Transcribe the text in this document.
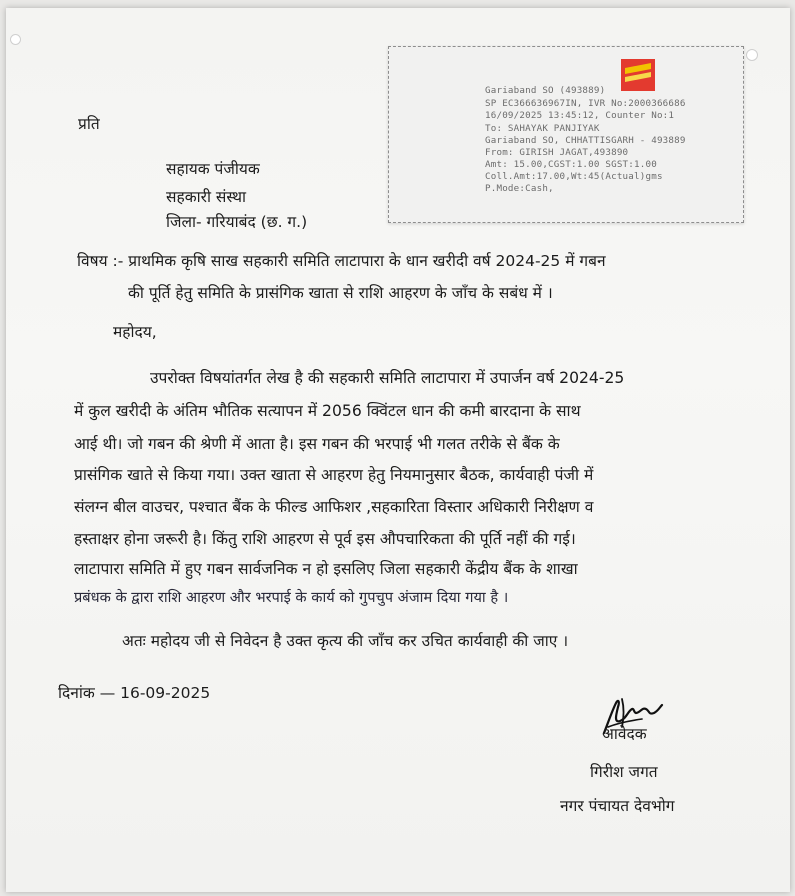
Gariaband SO (493889)
SP EC366636967IN, IVR No:2000366686
16/09/2025 13:45:12, Counter No:1
To: SAHAYAK PANJIYAK
Gariaband SO, CHHATTISGARH - 493889
From: GIRISH JAGAT,493890
Amt: 15.00,CGST:1.00 SGST:1.00
Coll.Amt:17.00,Wt:45(Actual)gms
P.Mode:Cash,
प्रति
सहायक पंजीयक
सहकारी संस्था
जिला- गरियाबंद (छ. ग.)
विषय :- प्राथमिक कृषि साख सहकारी समिति लाटापारा के धान खरीदी वर्ष 2024-25 में गबन
की पूर्ति हेतु समिति के प्रासंगिक खाता से राशि आहरण के जाँच के सबंध में ।
महोदय,
उपरोक्त विषयांतर्गत लेख है की सहकारी समिति लाटापारा में उपार्जन वर्ष 2024-25
में कुल खरीदी के अंतिम भौतिक सत्यापन में 2056 क्विंटल धान की कमी बारदाना के साथ
आई थी। जो गबन की श्रेणी में आता है। इस गबन की भरपाई भी गलत तरीके से बैंक के
प्रासंगिक खाते से किया गया। उक्त खाता से आहरण हेतु नियमानुसार बैठक, कार्यवाही पंजी में
संलग्न बील वाउचर, पश्चात बैंक के फील्ड आफिशर ,सहकारिता विस्तार अधिकारी निरीक्षण व
हस्ताक्षर होना जरूरी है। किंतु राशि आहरण से पूर्व इस औपचारिकता की पूर्ति नहीं की गई।
लाटापारा समिति में हुए गबन सार्वजनिक न हो इसलिए जिला सहकारी केंद्रीय बैंक के शाखा
प्रबंधक के द्वारा राशि आहरण और भरपाई के कार्य को गुपचुप अंजाम दिया गया है ।
अतः महोदय जी से निवेदन है उक्त कृत्य की जाँच कर उचित कार्यवाही की जाए ।
दिनांक — 16-09-2025
आवेदक
गिरीश जगत
नगर पंचायत देवभोग
